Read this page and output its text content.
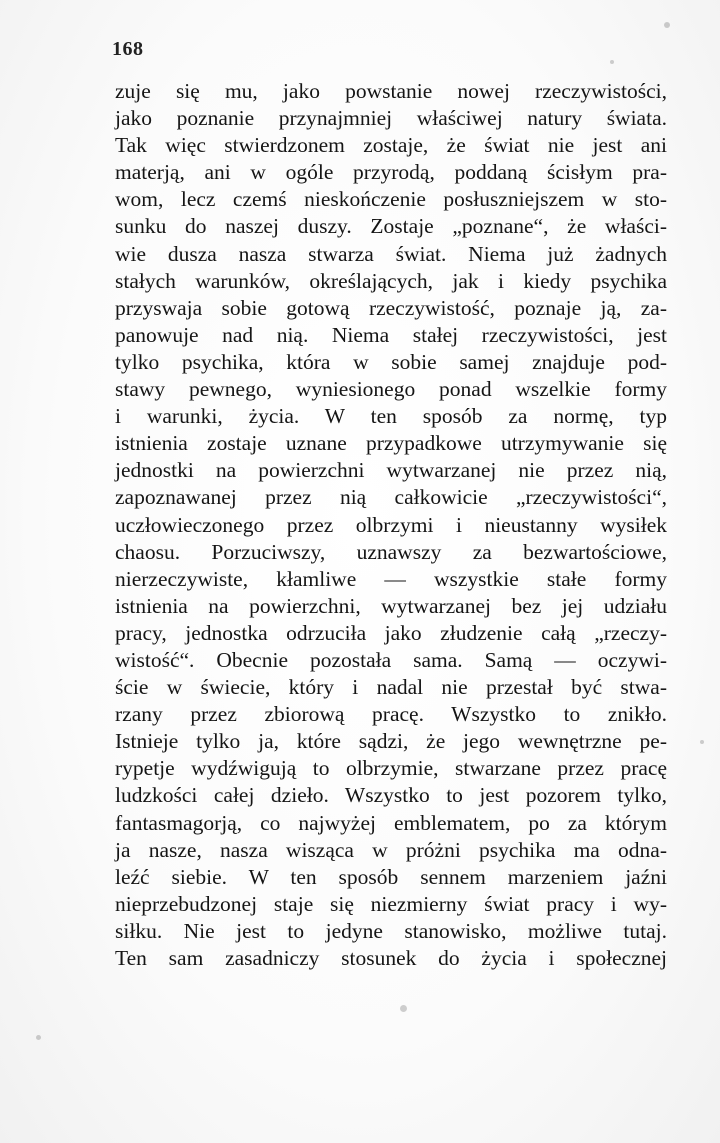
168
zuje się mu, jako powstanie nowej rzeczywistości,
jako poznanie przynajmniej właściwej natury świata.
Tak więc stwierdzonem zostaje, że świat nie jest ani
materją, ani w ogóle przyrodą, poddaną ścisłym pra-
wom, lecz czemś nieskończenie posłuszniejszem w sto-
sunku do naszej duszy. Zostaje „poznane“, że właści-
wie dusza nasza stwarza świat. Niema już żadnych
stałych warunków, określających, jak i kiedy psychika
przyswaja sobie gotową rzeczywistość, poznaje ją, za-
panowuje nad nią. Niema stałej rzeczywistości, jest
tylko psychika, która w sobie samej znajduje pod-
stawy pewnego, wyniesionego ponad wszelkie formy
i warunki, życia. W ten sposób za normę, typ
istnienia zostaje uznane przypadkowe utrzymywanie się
jednostki na powierzchni wytwarzanej nie przez nią,
zapoznawanej przez nią całkowicie „rzeczywistości“,
uczłowieczonego przez olbrzymi i nieustanny wysiłek
chaosu. Porzuciwszy, uznawszy za bezwartościowe,
nierzeczywiste, kłamliwe — wszystkie stałe formy
istnienia na powierzchni, wytwarzanej bez jej udziału
pracy, jednostka odrzuciła jako złudzenie całą „rzeczy-
wistość“. Obecnie pozostała sama. Samą — oczywi-
ście w świecie, który i nadal nie przestał być stwa-
rzany przez zbiorową pracę. Wszystko to znikło.
Istnieje tylko ja, które sądzi, że jego wewnętrzne pe-
rypetje wydźwigują to olbrzymie, stwarzane przez pracę
ludzkości całej dzieło. Wszystko to jest pozorem tylko,
fantasmagorją, co najwyżej emblematem, po za którym
ja nasze, nasza wisząca w próżni psychika ma odna-
leźć siebie. W ten sposób sennem marzeniem jaźni
nieprzebudzonej staje się niezmierny świat pracy i wy-
siłku. Nie jest to jedyne stanowisko, możliwe tutaj.
Ten sam zasadniczy stosunek do życia i społecznej
